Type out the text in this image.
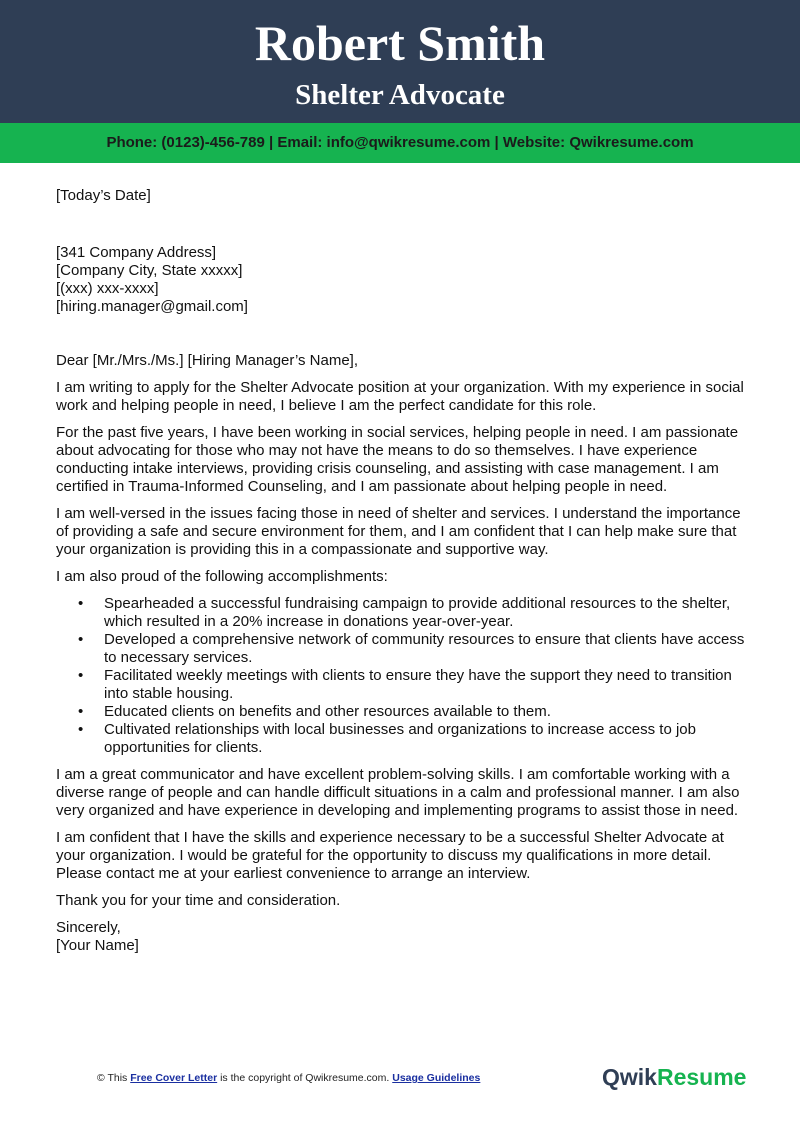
Robert Smith
Shelter Advocate
Phone: (0123)-456-789 | Email: info@qwikresume.com | Website: Qwikresume.com

[Today’s Date]

[341 Company Address]

[Company City, State xxxxx]

[(xxx) xxx-xxxx]

[hiring.manager@gmail.com]

Dear [Mr./Mrs./Ms.] [Hiring Manager’s Name],

I am writing to apply for the Shelter Advocate position at your organization. With my experience in social work and helping people in need, I believe I am the perfect candidate for this role.

For the past five years, I have been working in social services, helping people in need. I am passionate about advocating for those who may not have the means to do so themselves. I have experience conducting intake interviews, providing crisis counseling, and assisting with case management. I am certified in Trauma-Informed Counseling, and I am passionate about helping people in need.

I am well-versed in the issues facing those in need of shelter and services. I understand the importance of providing a safe and secure environment for them, and I am confident that I can help make sure that your organization is providing this in a compassionate and supportive way.

I am also proud of the following accomplishments:

• Spearheaded a successful fundraising campaign to provide additional resources to the shelter, which resulted in a 20% increase in donations year-over-year.
• Developed a comprehensive network of community resources to ensure that clients have access to necessary services.
• Facilitated weekly meetings with clients to ensure they have the support they need to transition into stable housing.
• Educated clients on benefits and other resources available to them.
• Cultivated relationships with local businesses and organizations to increase access to job opportunities for clients.

I am a great communicator and have excellent problem-solving skills. I am comfortable working with a diverse range of people and can handle difficult situations in a calm and professional manner. I am also very organized and have experience in developing and implementing programs to assist those in need.

I am confident that I have the skills and experience necessary to be a successful Shelter Advocate at your organization. I would be grateful for the opportunity to discuss my qualifications in more detail. Please contact me at your earliest convenience to arrange an interview.

Thank you for your time and consideration.

Sincerely,

[Your Name]

© This Free Cover Letter is the copyright of Qwikresume.com. Usage Guidelines	QwikResume
